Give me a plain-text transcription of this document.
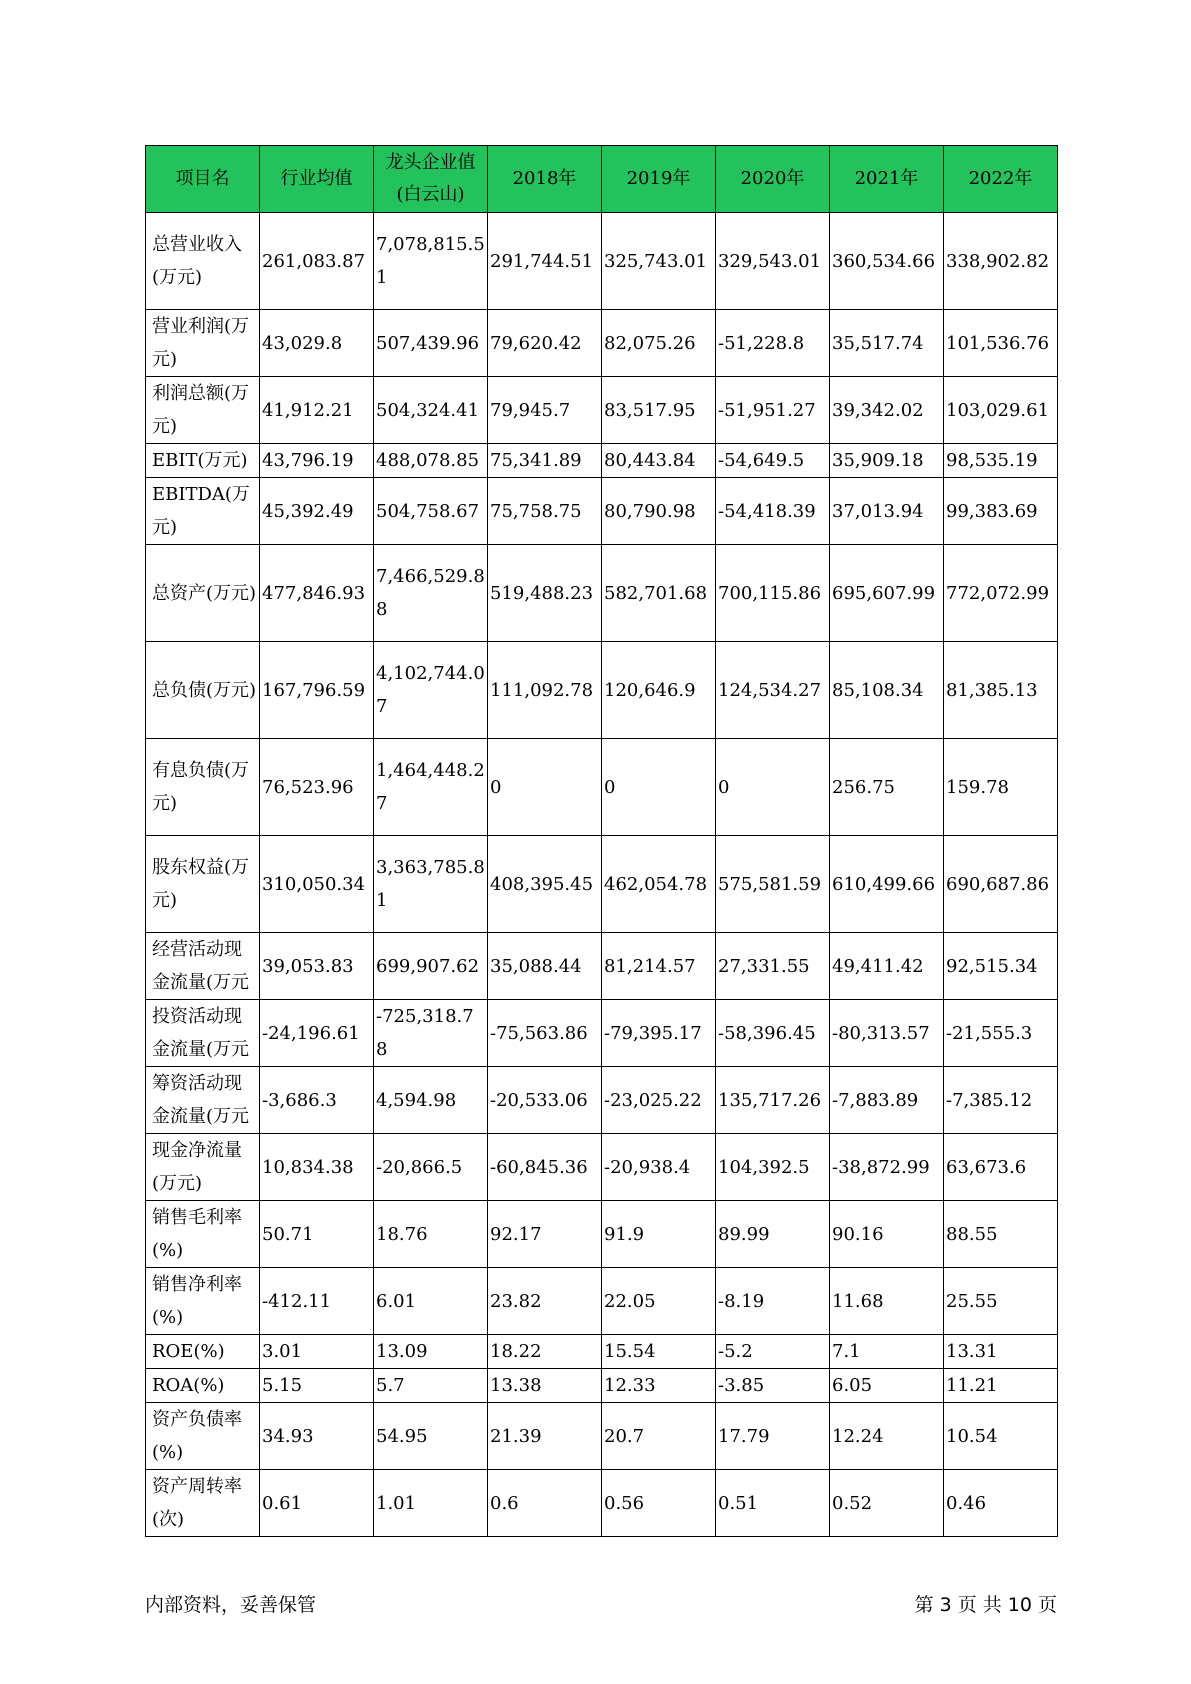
项目名	行业均值	龙头企业值(白云山)	2018年	2019年	2020年	2021年	2022年
总营业收入(万元)	261,083.87	7,078,815.51	291,744.51	325,743.01	329,543.01	360,534.66	338,902.82
营业利润(万元)	43,029.8	507,439.96	79,620.42	82,075.26	-51,228.8	35,517.74	101,536.76
利润总额(万元)	41,912.21	504,324.41	79,945.7	83,517.95	-51,951.27	39,342.02	103,029.61
EBIT(万元)	43,796.19	488,078.85	75,341.89	80,443.84	-54,649.5	35,909.18	98,535.19
EBITDA(万元)	45,392.49	504,758.67	75,758.75	80,790.98	-54,418.39	37,013.94	99,383.69
总资产(万元)	477,846.93	7,466,529.88	519,488.23	582,701.68	700,115.86	695,607.99	772,072.99
总负债(万元)	167,796.59	4,102,744.07	111,092.78	120,646.9	124,534.27	85,108.34	81,385.13
有息负债(万元)	76,523.96	1,464,448.27	0	0	0	256.75	159.78
股东权益(万元)	310,050.34	3,363,785.81	408,395.45	462,054.78	575,581.59	610,499.66	690,687.86
经营活动现金流量(万元	39,053.83	699,907.62	35,088.44	81,214.57	27,331.55	49,411.42	92,515.34
投资活动现金流量(万元	-24,196.61	-725,318.78	-75,563.86	-79,395.17	-58,396.45	-80,313.57	-21,555.3
筹资活动现金流量(万元	-3,686.3	4,594.98	-20,533.06	-23,025.22	135,717.26	-7,883.89	-7,385.12
现金净流量(万元)	10,834.38	-20,866.5	-60,845.36	-20,938.4	104,392.5	-38,872.99	63,673.6
销售毛利率(%)	50.71	18.76	92.17	91.9	89.99	90.16	88.55
销售净利率(%)	-412.11	6.01	23.82	22.05	-8.19	11.68	25.55
ROE(%)	3.01	13.09	18.22	15.54	-5.2	7.1	13.31
ROA(%)	5.15	5.7	13.38	12.33	-3.85	6.05	11.21
资产负债率(%)	34.93	54.95	21.39	20.7	17.79	12.24	10.54
资产周转率(次)	0.61	1.01	0.6	0.56	0.51	0.52	0.46
内部资料，妥善保管	第 3 页 共 10 页
